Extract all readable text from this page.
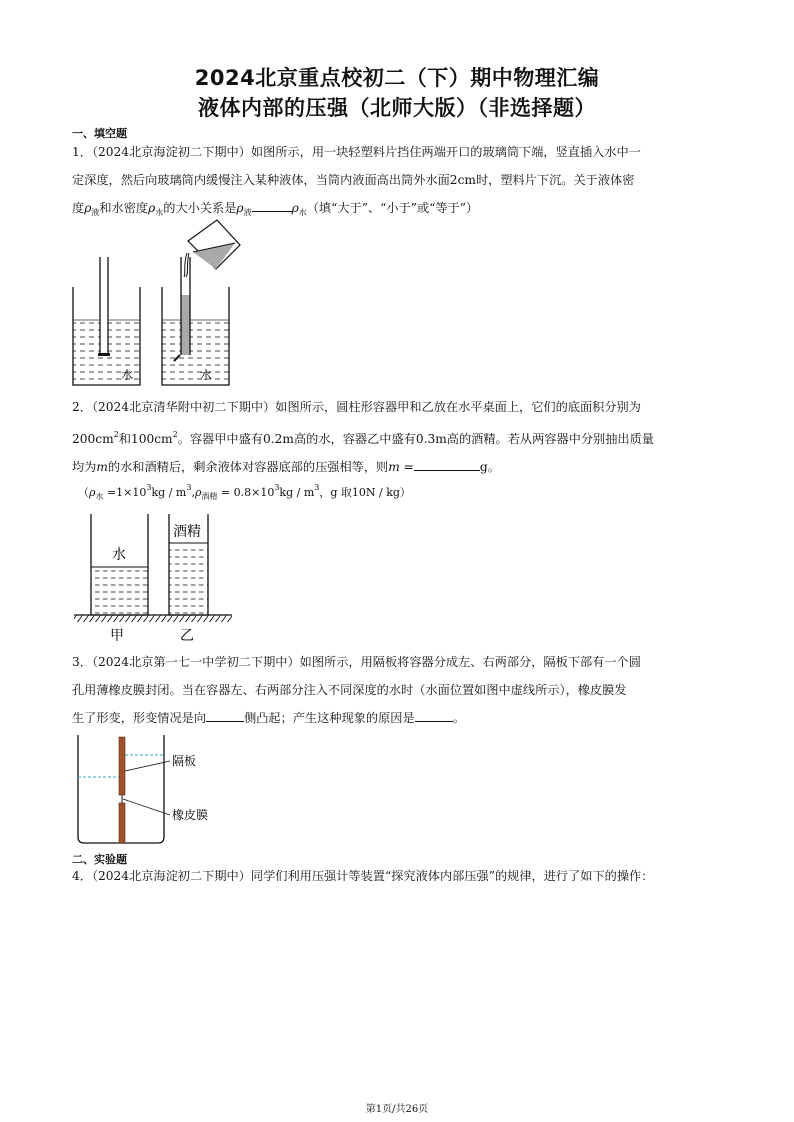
2024北京重点校初二（下）期中物理汇编
液体内部的压强（北师大版）（非选择题）
一、填空题
1．（2024北京海淀初二下期中）如图所示，用一块轻塑料片挡住两端开口的玻璃筒下端，竖直插入水中一
定深度，然后向玻璃筒内缓慢注入某种液体，当筒内液面高出筒外水面2cm时，塑料片下沉。关于液体密
度$\rho_液$和水密度$\rho_水$的大小关系是$\rho_液$	$\rho_水$（填“大于”、“小于”或“等于”）
水	水
2．（2024北京清华附中初二下期中）如图所示，圆柱形容器甲和乙放在水平桌面上，它们的底面积分别为
$200cm^2$和$100cm^2$。容器甲中盛有0.2m高的水，容器乙中盛有0.3m高的酒精。若从两容器中分别抽出质量
均为m的水和酒精后，剩余液体对容器底部的压强相等，则m =	g。
（$\rho_水 =1\times 10^3kg / m^3,\rho_{酒精} = 0.8\times 10^3kg / m^3$，g 取10N / kg）
水
酒精
甲	乙
3．（2024北京第一七一中学初二下期中）如图所示，用隔板将容器分成左、右两部分，隔板下部有一个圆
孔用薄橡皮膜封闭。当在容器左、右两部分注入不同深度的水时（水面位置如图中虚线所示），橡皮膜发
生了形变，形变情况是向	侧凸起；产生这种现象的原因是	。
隔板
橡皮膜
二、实验题
4．（2024北京海淀初二下期中）同学们利用压强计等装置“探究液体内部压强”的规律，进行了如下的操作：
第1页/共26页
